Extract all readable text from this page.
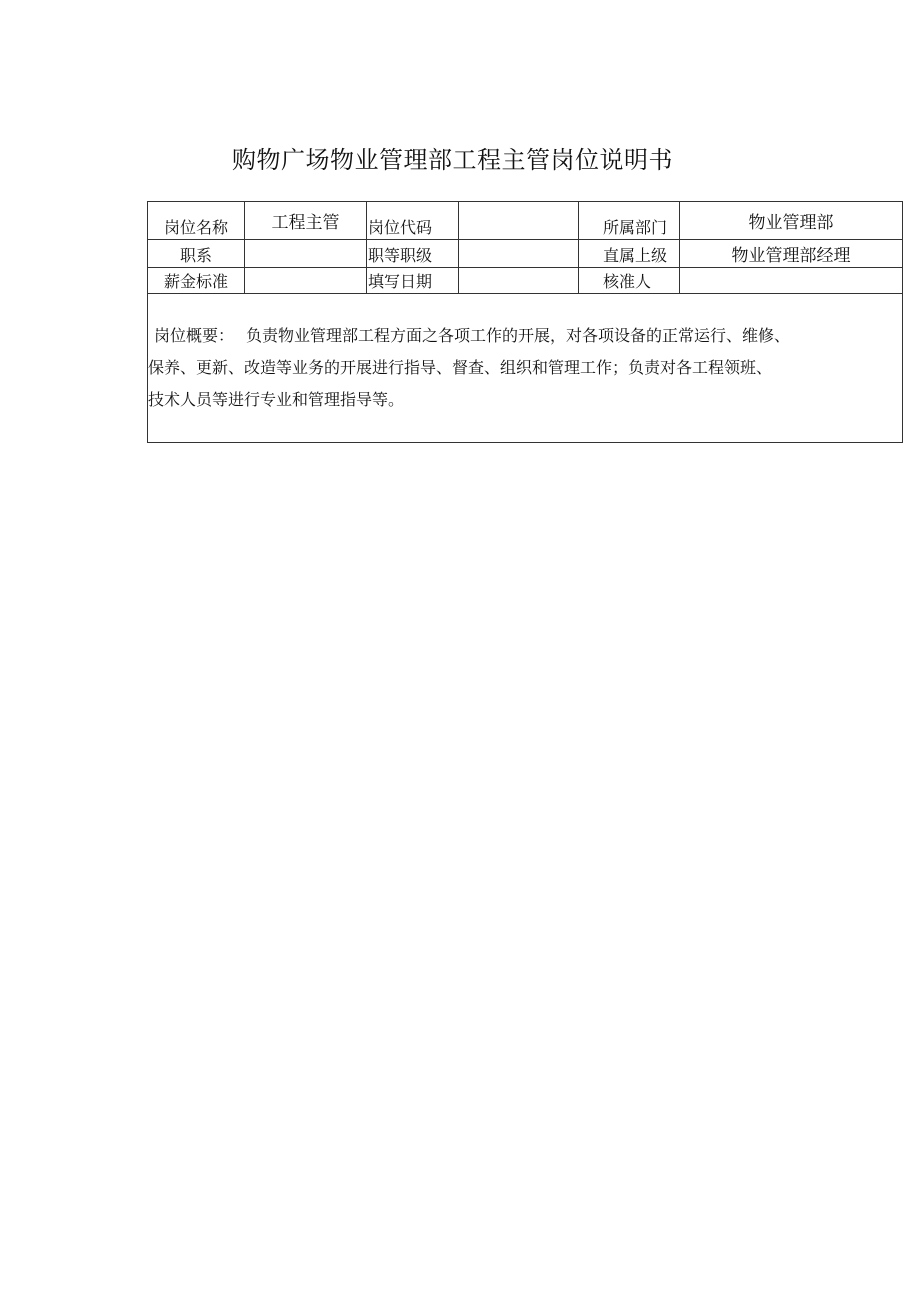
购物广场物业管理部工程主管岗位说明书
岗位名称	工程主管	岗位代码		所属部门	物业管理部
职系		职等职级		直属上级	物业管理部经理
薪金标准		填写日期		核准人	

岗位概要： 负责物业管理部工程方面之各项工作的开展，对各项设备的正常运行、维修、
保养、更新、改造等业务的开展进行指导、督查、组织和管理工作；负责对各工程领班、
技术人员等进行专业和管理指导等。					
